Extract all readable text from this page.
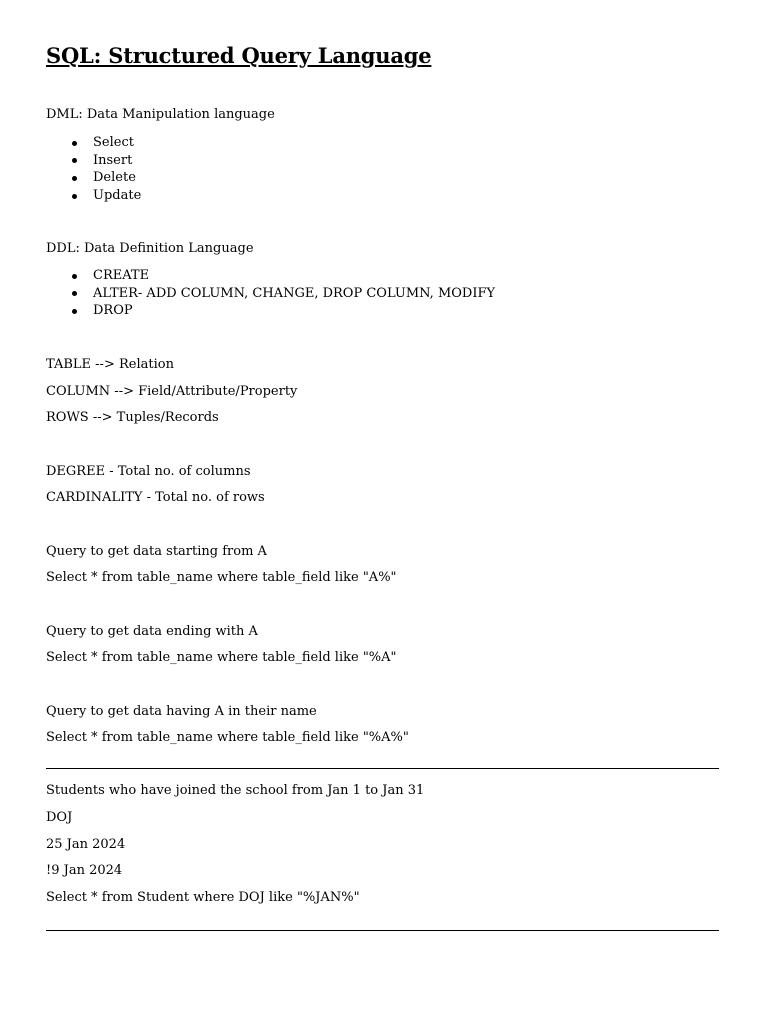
SQL: Structured Query Language

DML: Data Manipulation language

Select
Insert
Delete
Update

DDL: Data Definition Language

CREATE
ALTER- ADD COLUMN, CHANGE, DROP COLUMN, MODIFY
DROP

TABLE --> Relation

COLUMN --> Field/Attribute/Property

ROWS --> Tuples/Records

DEGREE - Total no. of columns

CARDINALITY - Total no. of rows

Query to get data starting from A

Select * from table_name where table_field like "A%"

Query to get data ending with A

Select * from table_name where table_field like "%A"

Query to get data having A in their name

Select * from table_name where table_field like "%A%"

Students who have joined the school from Jan 1 to Jan 31

DOJ

25 Jan 2024

!9 Jan 2024

Select * from Student where DOJ like "%JAN%"
